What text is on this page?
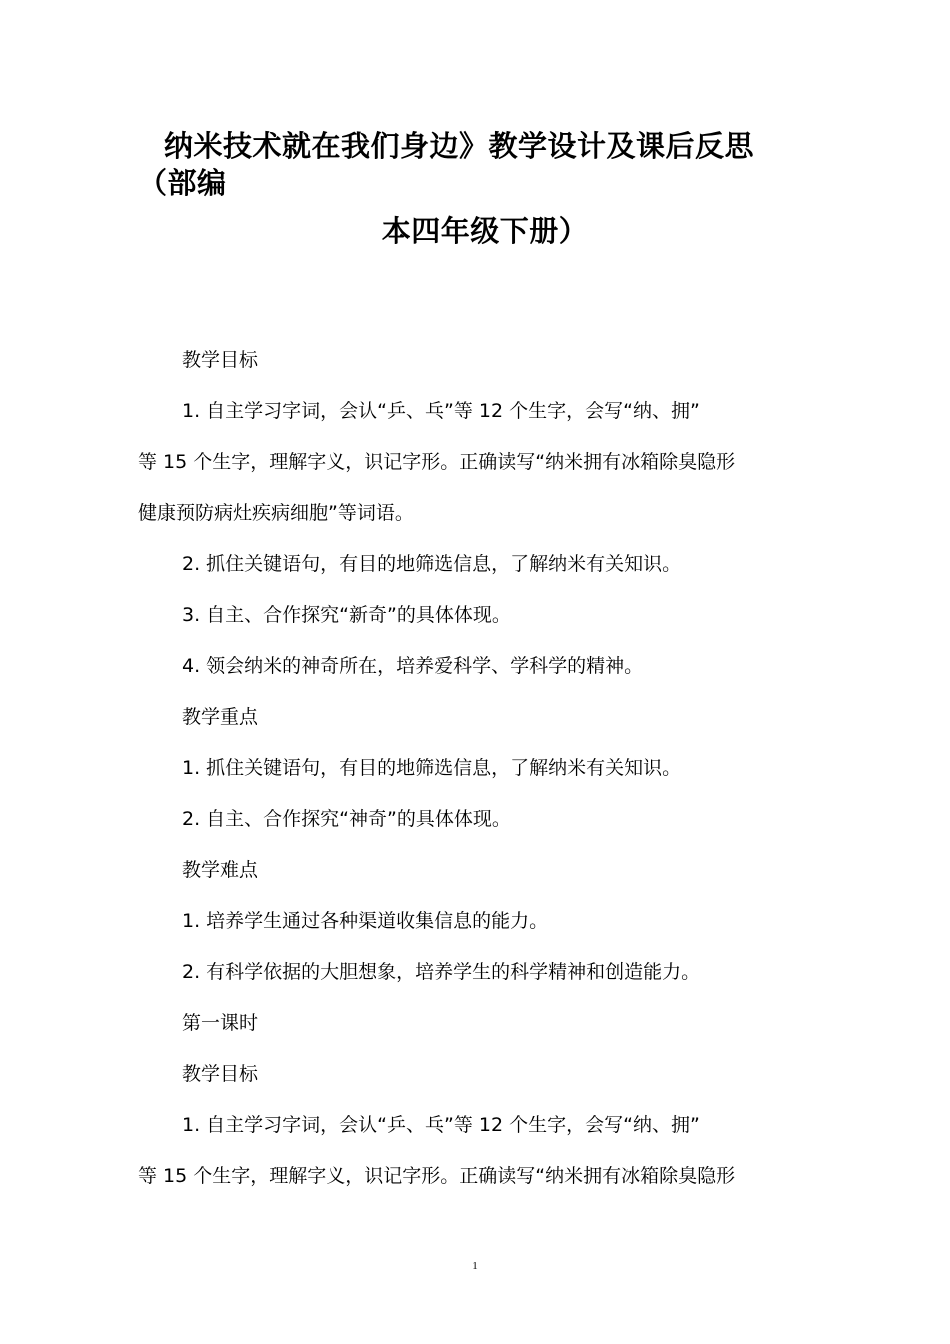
纳米技术就在我们身边》教学设计及课后反思
（部编
本四年级下册）

教学目标

1. 自主学习字词，会认“乒、乓”等 12 个生字，会写“纳、拥”

等 15 个生字，理解字义，识记字形。正确读写“纳米拥有冰箱除臭隐形

健康预防病灶疾病细胞”等词语。

2. 抓住关键语句，有目的地筛选信息，了解纳米有关知识。

3. 自主、合作探究“新奇”的具体体现。

4. 领会纳米的神奇所在，培养爱科学、学科学的精神。

教学重点

1. 抓住关键语句，有目的地筛选信息，了解纳米有关知识。

2. 自主、合作探究“神奇”的具体体现。

教学难点

1. 培养学生通过各种渠道收集信息的能力。

2. 有科学依据的大胆想象，培养学生的科学精神和创造能力。

第一课时

教学目标

1. 自主学习字词，会认“乒、乓”等 12 个生字，会写“纳、拥”

等 15 个生字，理解字义，识记字形。正确读写“纳米拥有冰箱除臭隐形

1
